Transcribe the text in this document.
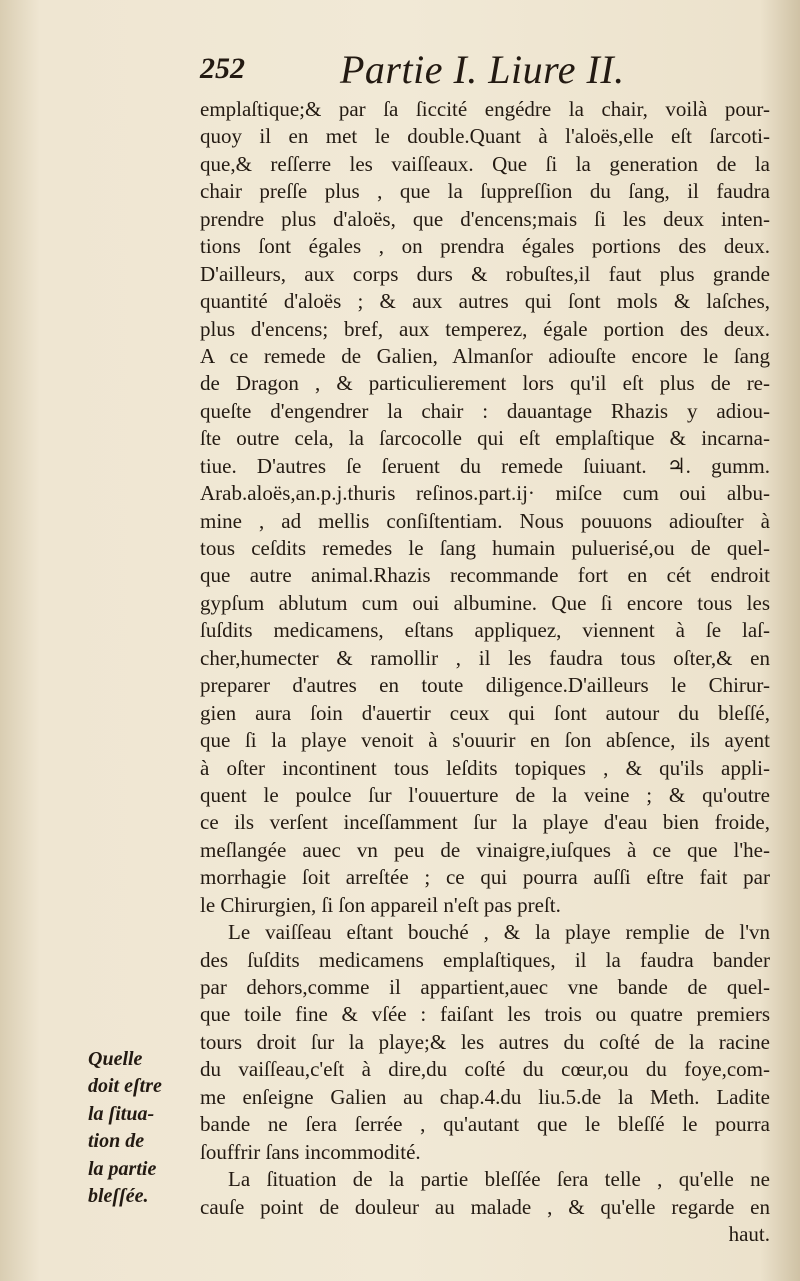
252 Partie I. Liure II.
emplaſtique;& par ſa ſiccité engédre la chair, voilà pour-
quoy il en met le double.Quant à l'aloës,elle eſt ſarcoti-
que,& reſſerre les vaiſſeaux. Que ſi la generation de la
chair preſſe plus , que la ſuppreſſion du ſang, il faudra
prendre plus d'aloës, que d'encens;mais ſi les deux inten-
tions ſont égales , on prendra égales portions des deux.
D'ailleurs, aux corps durs & robuſtes,il faut plus grande
quantité d'aloës ; & aux autres qui ſont mols & laſches,
plus d'encens; bref, aux temperez, égale portion des deux.
A ce remede de Galien, Almanſor adiouſte encore le ſang
de Dragon , & particulierement lors qu'il eſt plus de re-
queſte d'engendrer la chair : dauantage Rhazis y adiou-
ſte outre cela, la ſarcocolle qui eſt emplaſtique & incarna-
tiue. D'autres ſe ſeruent du remede ſuiuant. ♃. gumm.
Arab.aloës,an.p.j.thuris reſinos.part.ij· miſce cum oui albu-
mine , ad mellis conſiſtentiam. Nous pouuons adiouſter à
tous ceſdits remedes le ſang humain puluerisé,ou de quel-
que autre animal.Rhazis recommande fort en cét endroit
gypſum ablutum cum oui albumine. Que ſi encore tous les
ſuſdits medicamens, eſtans appliquez, viennent à ſe laſ-
cher,humecter & ramollir , il les faudra tous oſter,& en
preparer d'autres en toute diligence.D'ailleurs le Chirur-
gien aura ſoin d'auertir ceux qui ſont autour du bleſſé,
que ſi la playe venoit à s'ouurir en ſon abſence, ils ayent
à oſter incontinent tous leſdits topiques , & qu'ils appli-
quent le poulce ſur l'ouuerture de la veine ; & qu'outre
ce ils verſent inceſſamment ſur la playe d'eau bien froide,
meſlangée auec vn peu de vinaigre,iuſques à ce que l'he-
morrhagie ſoit arreſtée ; ce qui pourra auſſi eſtre fait par
le Chirurgien, ſi ſon appareil n'eſt pas preſt.
Le vaiſſeau eſtant bouché , & la playe remplie de l'vn
des ſuſdits medicamens emplaſtiques, il la faudra bander
par dehors,comme il appartient,auec vne bande de quel-
que toile fine & vſée : faiſant les trois ou quatre premiers
tours droit ſur la playe;& les autres du coſté de la racine
du vaiſſeau,c'eſt à dire,du coſté du cœur,ou du foye,com-
me enſeigne Galien au chap.4.du liu.5.de la Meth. Ladite
bande ne ſera ſerrée , qu'autant que le bleſſé le pourra
ſouffrir ſans incommodité.
La ſituation de la partie bleſſée ſera telle , qu'elle ne
cauſe point de douleur au malade , & qu'elle regarde en
haut.
Quelle
doit eſtre
la ſitua-
tion de
la partie
bleſſée.
